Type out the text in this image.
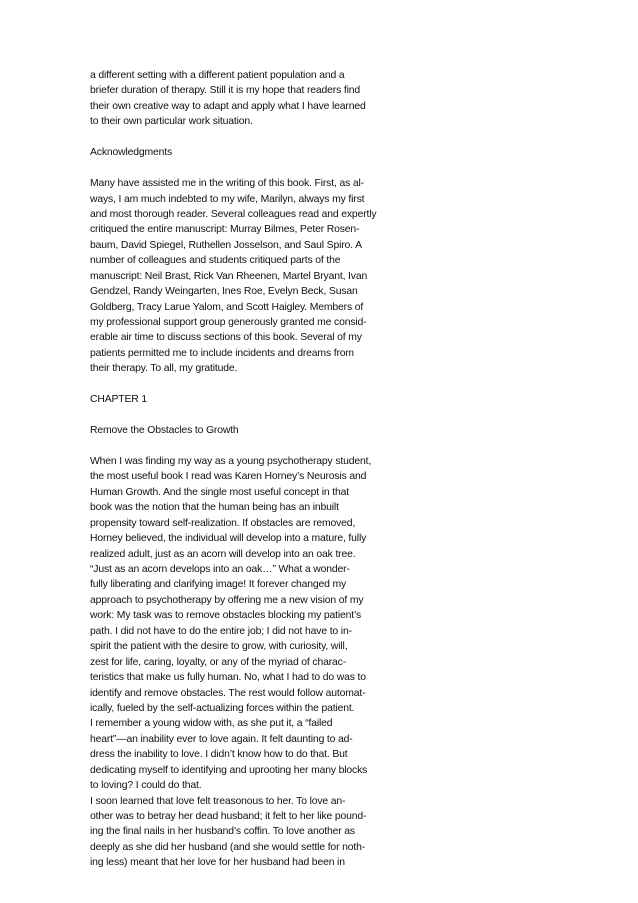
a different setting with a different patient population and a
briefer duration of therapy. Still it is my hope that readers find
their own creative way to adapt and apply what I have learned
to their own particular work situation.
Acknowledgments
Many have assisted me in the writing of this book. First, as al-
ways, I am much indebted to my wife, Marilyn, always my first
and most thorough reader. Several colleagues read and expertly
critiqued the entire manuscript: Murray Bilmes, Peter Rosen-
baum, David Spiegel, Ruthellen Josselson, and Saul Spiro. A
number of colleagues and students critiqued parts of the
manuscript: Neil Brast, Rick Van Rheenen, Martel Bryant, Ivan
Gendzel, Randy Weingarten, Ines Roe, Evelyn Beck, Susan
Goldberg, Tracy Larue Yalom, and Scott Haigley. Members of
my professional support group generously granted me consid-
erable air time to discuss sections of this book. Several of my
patients permitted me to include incidents and dreams from
their therapy. To all, my gratitude.
CHAPTER 1
Remove the Obstacles to Growth
When I was finding my way as a young psychotherapy student,
the most useful book I read was Karen Horney’s Neurosis and
Human Growth. And the single most useful concept in that
book was the notion that the human being has an inbuilt
propensity toward self-realization. If obstacles are removed,
Horney believed, the individual will develop into a mature, fully
realized adult, just as an acorn will develop into an oak tree.
“Just as an acorn develops into an oak…” What a wonder-
fully liberating and clarifying image! It forever changed my
approach to psychotherapy by offering me a new vision of my
work: My task was to remove obstacles blocking my patient’s
path. I did not have to do the entire job; I did not have to in-
spirit the patient with the desire to grow, with curiosity, will,
zest for life, caring, loyalty, or any of the myriad of charac-
teristics that make us fully human. No, what I had to do was to
identify and remove obstacles. The rest would follow automat-
ically, fueled by the self-actualizing forces within the patient.
I remember a young widow with, as she put it, a “failed
heart”—an inability ever to love again. It felt daunting to ad-
dress the inability to love. I didn’t know how to do that. But
dedicating myself to identifying and uprooting her many blocks
to loving? I could do that.
I soon learned that love felt treasonous to her. To love an-
other was to betray her dead husband; it felt to her like pound-
ing the final nails in her husband’s coffin. To love another as
deeply as she did her husband (and she would settle for noth-
ing less) meant that her love for her husband had been in
